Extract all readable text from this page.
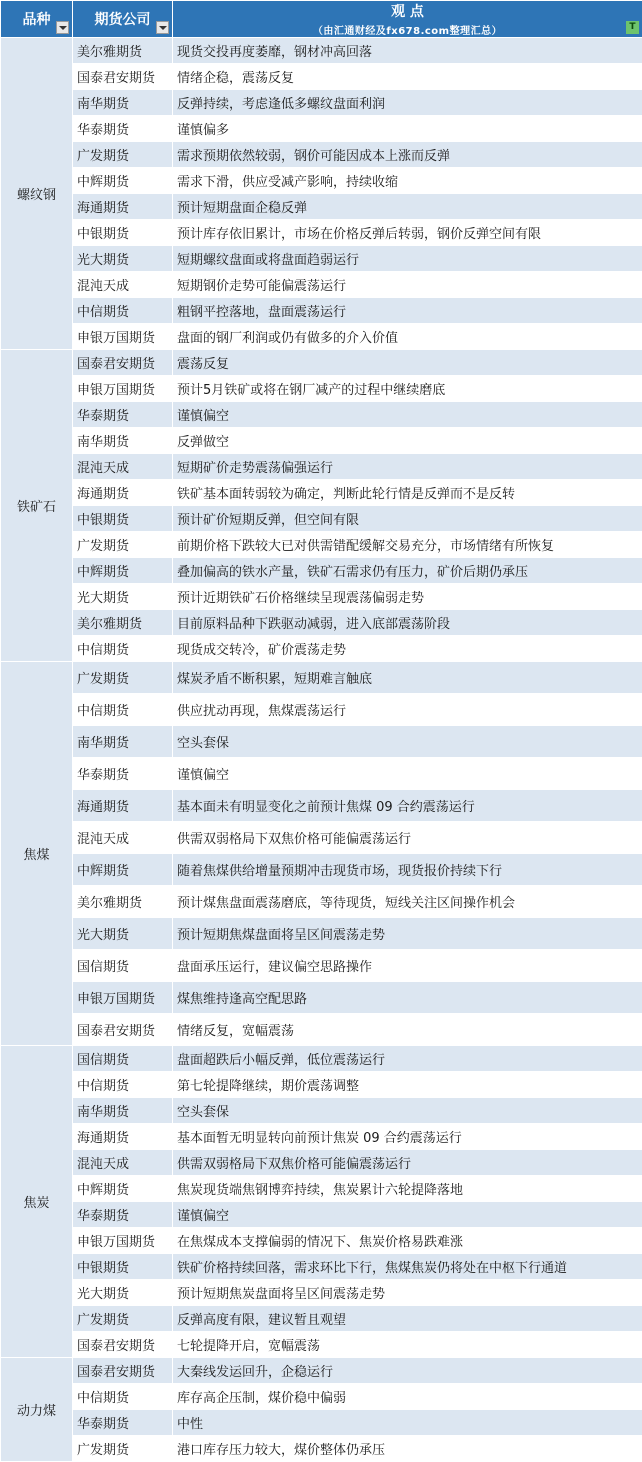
品种	期货公司	观 点
（由汇通财经及fx678.com整理汇总） T

螺纹钢	美尔雅期货	现货交投再度萎靡，钢材冲高回落
	国泰君安期货	情绪企稳，震荡反复
	南华期货	反弹持续，考虑逢低多螺纹盘面利润
	华泰期货	谨慎偏多
	广发期货	需求预期依然较弱，钢价可能因成本上涨而反弹
	中辉期货	需求下滑，供应受减产影响，持续收缩
	海通期货	预计短期盘面企稳反弹
	中银期货	预计库存依旧累计，市场在价格反弹后转弱，钢价反弹空间有限
	光大期货	短期螺纹盘面或将盘面趋弱运行
	混沌天成	短期钢价走势可能偏震荡运行
	中信期货	粗钢平控落地，盘面震荡运行
	申银万国期货	盘面的钢厂利润或仍有做多的介入价值
铁矿石	国泰君安期货	震荡反复
	申银万国期货	预计5月铁矿或将在钢厂减产的过程中继续磨底
	华泰期货	谨慎偏空
	南华期货	反弹做空
	混沌天成	短期矿价走势震荡偏强运行
	海通期货	铁矿基本面转弱较为确定，判断此轮行情是反弹而不是反转
	中银期货	预计矿价短期反弹，但空间有限
	广发期货	前期价格下跌较大已对供需错配缓解交易充分，市场情绪有所恢复
	中辉期货	叠加偏高的铁水产量，铁矿石需求仍有压力，矿价后期仍承压
	光大期货	预计近期铁矿石价格继续呈现震荡偏弱走势
	美尔雅期货	目前原料品种下跌驱动减弱，进入底部震荡阶段
	中信期货	现货成交转冷，矿价震荡走势
焦煤	广发期货	煤炭矛盾不断积累，短期难言触底
	中信期货	供应扰动再现，焦煤震荡运行
	南华期货	空头套保
	华泰期货	谨慎偏空
	海通期货	基本面未有明显变化之前预计焦煤 09 合约震荡运行
	混沌天成	供需双弱格局下双焦价格可能偏震荡运行
	中辉期货	随着焦煤供给增量预期冲击现货市场，现货报价持续下行
	美尔雅期货	预计煤焦盘面震荡磨底，等待现货，短线关注区间操作机会
	光大期货	预计短期焦煤盘面将呈区间震荡走势
	国信期货	盘面承压运行，建议偏空思路操作
	申银万国期货	煤焦维持逢高空配思路
	国泰君安期货	情绪反复，宽幅震荡
焦炭	国信期货	盘面超跌后小幅反弹，低位震荡运行
	中信期货	第七轮提降继续，期价震荡调整
	南华期货	空头套保
	海通期货	基本面暂无明显转向前预计焦炭 09 合约震荡运行
	混沌天成	供需双弱格局下双焦价格可能偏震荡运行
	中辉期货	焦炭现货端焦钢博弈持续，焦炭累计六轮提降落地
	华泰期货	谨慎偏空
	申银万国期货	在焦煤成本支撑偏弱的情况下、焦炭价格易跌难涨
	中银期货	铁矿价格持续回落，需求环比下行，焦煤焦炭仍将处在中枢下行通道
	光大期货	预计短期焦炭盘面将呈区间震荡走势
	广发期货	反弹高度有限，建议暂且观望
	国泰君安期货	七轮提降开启，宽幅震荡
动力煤	国泰君安期货	大秦线发运回升，企稳运行
	中信期货	库存高企压制，煤价稳中偏弱
	华泰期货	中性
	广发期货	港口库存压力较大，煤价整体仍承压
